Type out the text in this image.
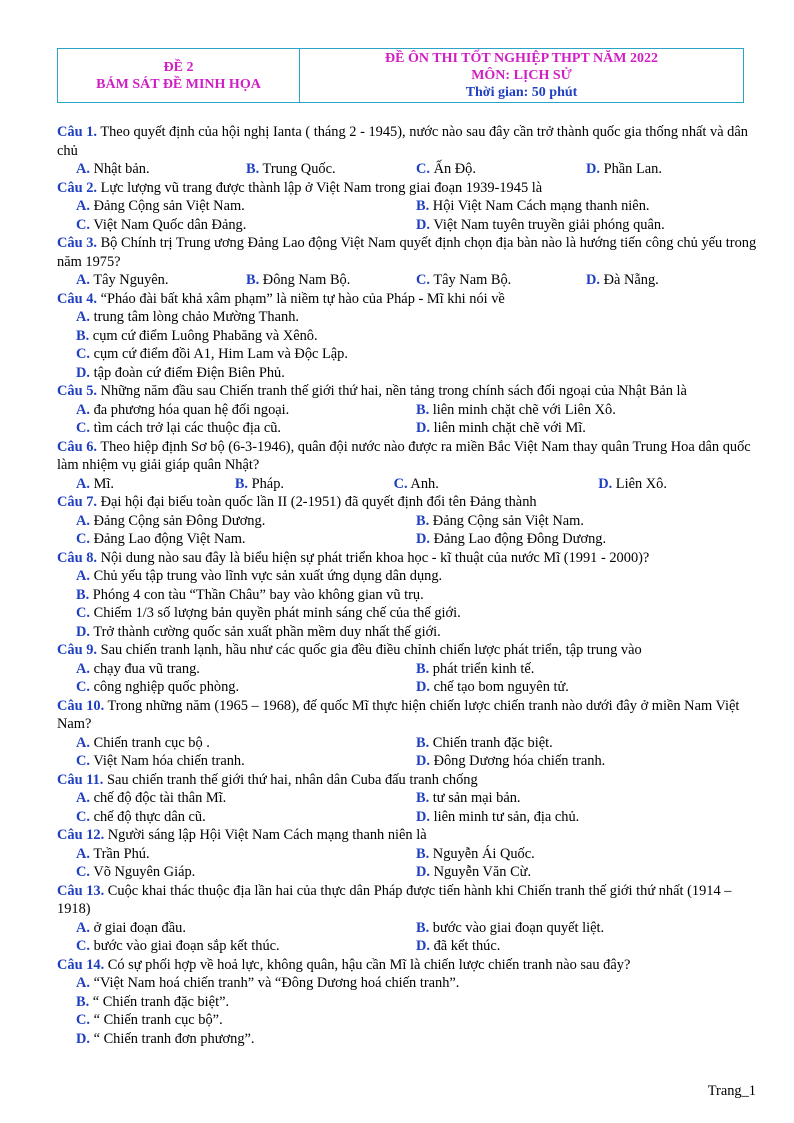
ĐỀ 2
BÁM SÁT ĐỀ MINH HỌA
ĐỀ ÔN THI TỐT NGHIỆP THPT NĂM 2022
MÔN: LỊCH SỬ
Thời gian: 50 phút
Câu 1. Theo quyết định của hội nghị Ianta ( tháng 2 - 1945), nước nào sau đây cần trở thành quốc gia thống nhất và dân chủ
A. Nhật bản.	B. Trung Quốc.	C. Ấn Độ.	D. Phần Lan.
Câu 2. Lực lượng vũ trang được thành lập ở Việt Nam trong giai đoạn 1939-1945 là
A. Đảng Cộng sản Việt Nam.	B. Hội Việt Nam Cách mạng thanh niên.
C. Việt Nam Quốc dân Đảng.	D. Việt Nam tuyên truyền giải phóng quân.
Câu 3. Bộ Chính trị Trung ương Đảng Lao động Việt Nam quyết định chọn địa bàn nào là hướng tiến công chủ yếu trong năm 1975?
A. Tây Nguyên.	B. Đông Nam Bộ.	C. Tây Nam Bộ.	D. Đà Nẵng.
Câu 4. “Pháo đài bất khả xâm phạm” là niềm tự hào của Pháp - Mĩ khi nói về
A. trung tâm lòng chảo Mường Thanh.
B. cụm cứ điểm Luông Phabăng và Xênô.
C. cụm cứ điểm đồi A1, Him Lam và Độc Lập.
D. tập đoàn cứ điểm Điện Biên Phủ.
Câu 5. Những năm đầu sau Chiến tranh thế giới thứ hai, nền tảng trong chính sách đối ngoại của Nhật Bản là
A. đa phương hóa quan hệ đối ngoại.	B. liên minh chặt chẽ với Liên Xô.
C. tìm cách trở lại các thuộc địa cũ.	D. liên minh chặt chẽ với Mĩ.
Câu 6. Theo hiệp định Sơ bộ (6-3-1946), quân đội nước nào được ra miền Bắc Việt Nam thay quân Trung Hoa dân quốc làm nhiệm vụ giải giáp quân Nhật?
A. Mĩ.	B. Pháp.	C. Anh.	D. Liên Xô.
Câu 7. Đại hội đại biểu toàn quốc lần II (2-1951) đã quyết định đổi tên Đảng thành
A. Đảng Cộng sản Đông Dương.	B. Đảng Cộng sản Việt Nam.
C. Đảng Lao động Việt Nam.	D. Đảng Lao động Đông Dương.
Câu 8. Nội dung nào sau đây là biểu hiện sự phát triển khoa học - kĩ thuật của nước Mĩ (1991 - 2000)?
A. Chủ yếu tập trung vào lĩnh vực sản xuất ứng dụng dân dụng.
B. Phóng 4 con tàu “Thần Châu” bay vào không gian vũ trụ.
C. Chiếm 1/3 số lượng bản quyền phát minh sáng chế của thế giới.
D. Trở thành cường quốc sản xuất phần mềm duy nhất thế giới.
Câu 9. Sau chiến tranh lạnh, hầu như các quốc gia đều điều chỉnh chiến lược phát triển, tập trung vào
A. chạy đua vũ trang.	B. phát triển kinh tế.
C. công nghiệp quốc phòng.	D. chế tạo bom nguyên tử.
Câu 10. Trong những năm (1965 – 1968), đế quốc Mĩ thực hiện chiến lược chiến tranh nào dưới đây ở miền Nam Việt Nam?
A. Chiến tranh cục bộ .	B. Chiến tranh đặc biệt.
C. Việt Nam hóa chiến tranh.	D. Đông Dương hóa chiến tranh.
Câu 11. Sau chiến tranh thế giới thứ hai, nhân dân Cuba đấu tranh chống
A. chế độ độc tài thân Mĩ.	B. tư sản mại bản.
C. chế độ thực dân cũ.	D. liên minh tư sản, địa chủ.
Câu 12. Người sáng lập Hội Việt Nam Cách mạng thanh niên là
A. Trần Phú.	B. Nguyễn Ái Quốc.
C. Võ Nguyên Giáp.	D. Nguyễn Văn Cừ.
Câu 13. Cuộc khai thác thuộc địa lần hai của thực dân Pháp được tiến hành khi Chiến tranh thế giới thứ nhất (1914 – 1918)
A. ở giai đoạn đầu.	B. bước vào giai đoạn quyết liệt.
C. bước vào giai đoạn sắp kết thúc.	D. đã kết thúc.
Câu 14. Có sự phối hợp về hoả lực, không quân, hậu cần Mĩ là chiến lược chiến tranh nào sau đây?
A. “Việt Nam hoá chiến tranh” và “Đông Dương hoá chiến tranh”.
B. “ Chiến tranh đặc biệt”.
C. “ Chiến tranh cục bộ”.
D. “ Chiến tranh đơn phương”.
Trang_1
